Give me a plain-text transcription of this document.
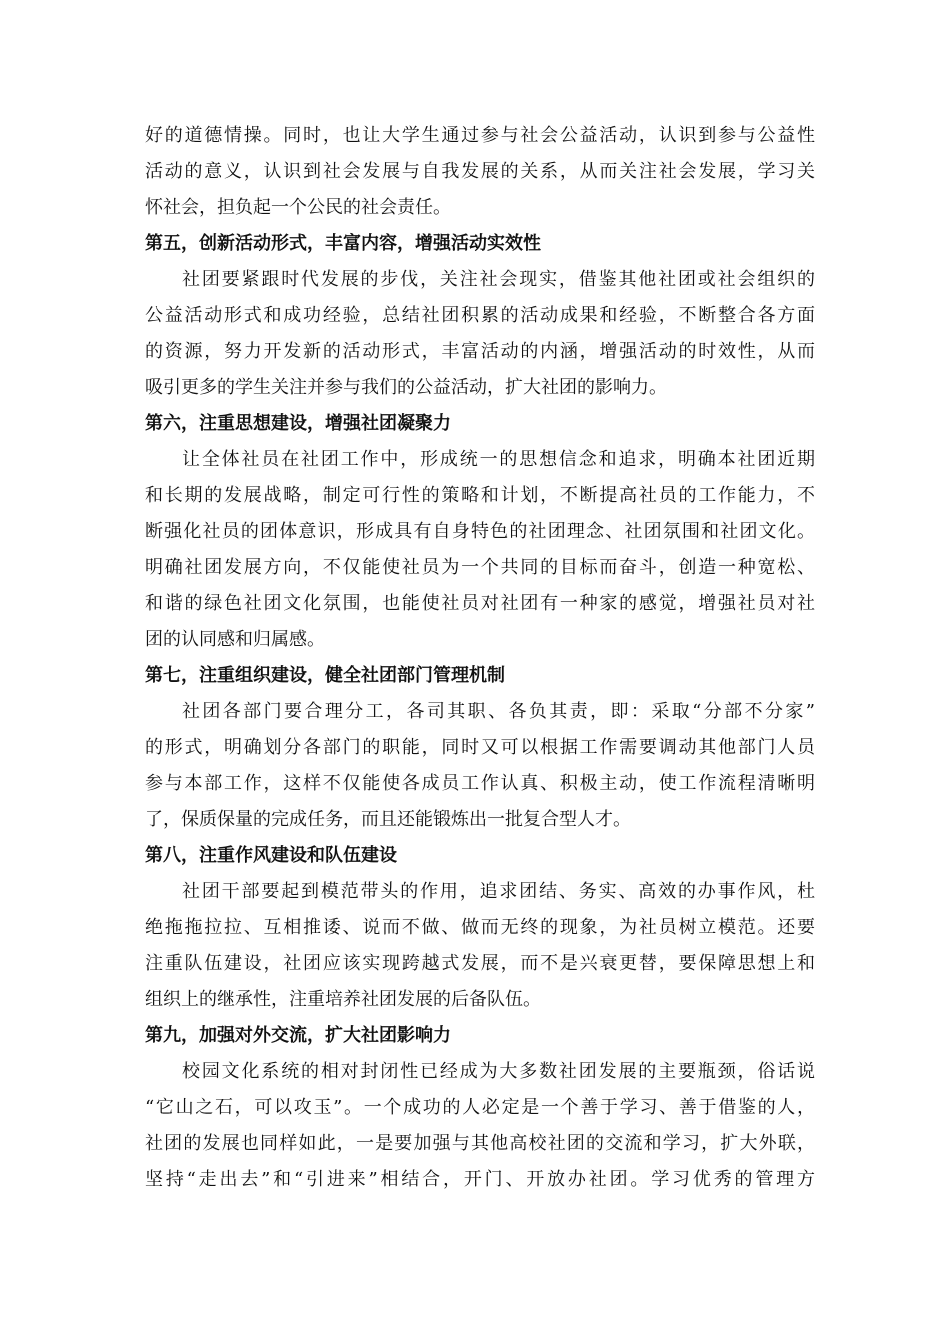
好的道德情操。同时，也让大学生通过参与社会公益活动，认识到参与公益性
活动的意义，认识到社会发展与自我发展的关系，从而关注社会发展，学习关
怀社会，担负起一个公民的社会责任。
第五，创新活动形式，丰富内容，增强活动实效性
社团要紧跟时代发展的步伐，关注社会现实，借鉴其他社团或社会组织的
公益活动形式和成功经验，总结社团积累的活动成果和经验，不断整合各方面
的资源，努力开发新的活动形式，丰富活动的内涵，增强活动的时效性，从而
吸引更多的学生关注并参与我们的公益活动，扩大社团的影响力。
第六，注重思想建设，增强社团凝聚力
让全体社员在社团工作中，形成统一的思想信念和追求，明确本社团近期
和长期的发展战略，制定可行性的策略和计划，不断提高社员的工作能力，不
断强化社员的团体意识，形成具有自身特色的社团理念、社团氛围和社团文化。
明确社团发展方向，不仅能使社员为一个共同的目标而奋斗，创造一种宽松、
和谐的绿色社团文化氛围，也能使社员对社团有一种家的感觉，增强社员对社
团的认同感和归属感。
第七，注重组织建设，健全社团部门管理机制
社团各部门要合理分工，各司其职、各负其责，即：采取“分部不分家”
的形式，明确划分各部门的职能，同时又可以根据工作需要调动其他部门人员
参与本部工作，这样不仅能使各成员工作认真、积极主动，使工作流程清晰明
了，保质保量的完成任务，而且还能锻炼出一批复合型人才。
第八，注重作风建设和队伍建设
社团干部要起到模范带头的作用，追求团结、务实、高效的办事作风，杜
绝拖拖拉拉、互相推诿、说而不做、做而无终的现象，为社员树立模范。还要
注重队伍建设，社团应该实现跨越式发展，而不是兴衰更替，要保障思想上和
组织上的继承性，注重培养社团发展的后备队伍。
第九，加强对外交流，扩大社团影响力
校园文化系统的相对封闭性已经成为大多数社团发展的主要瓶颈，俗话说
“它山之石，可以攻玉”。一个成功的人必定是一个善于学习、善于借鉴的人，
社团的发展也同样如此，一是要加强与其他高校社团的交流和学习，扩大外联，
坚持“走出去”和“引进来”相结合，开门、开放办社团。学习优秀的管理方
